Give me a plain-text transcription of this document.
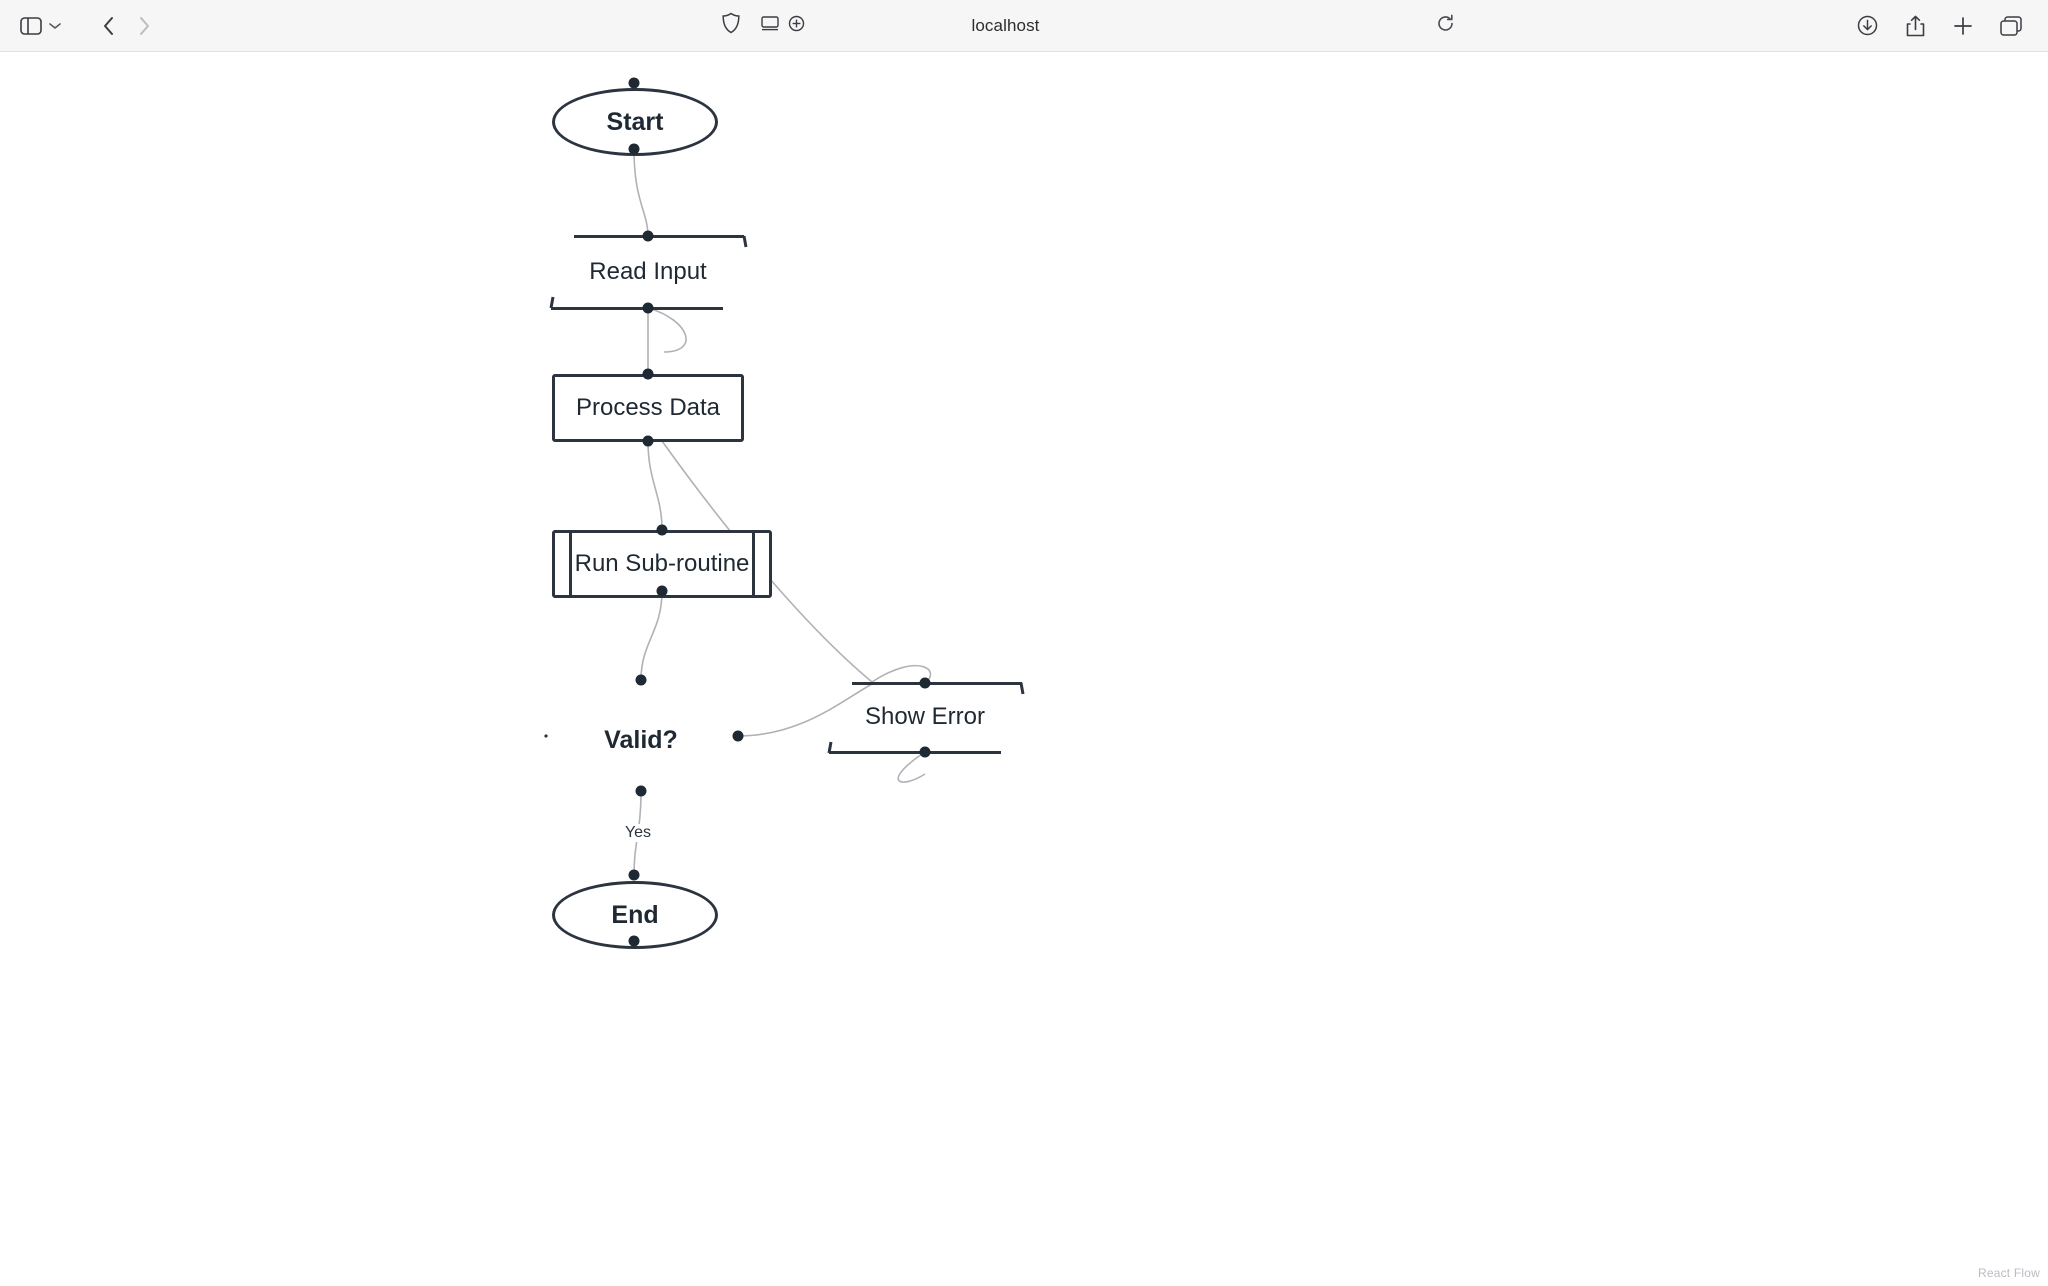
localhost
Start
Read Input
Process Data
Run Sub-routine
Valid?
Show Error
Yes
End
React Flow
